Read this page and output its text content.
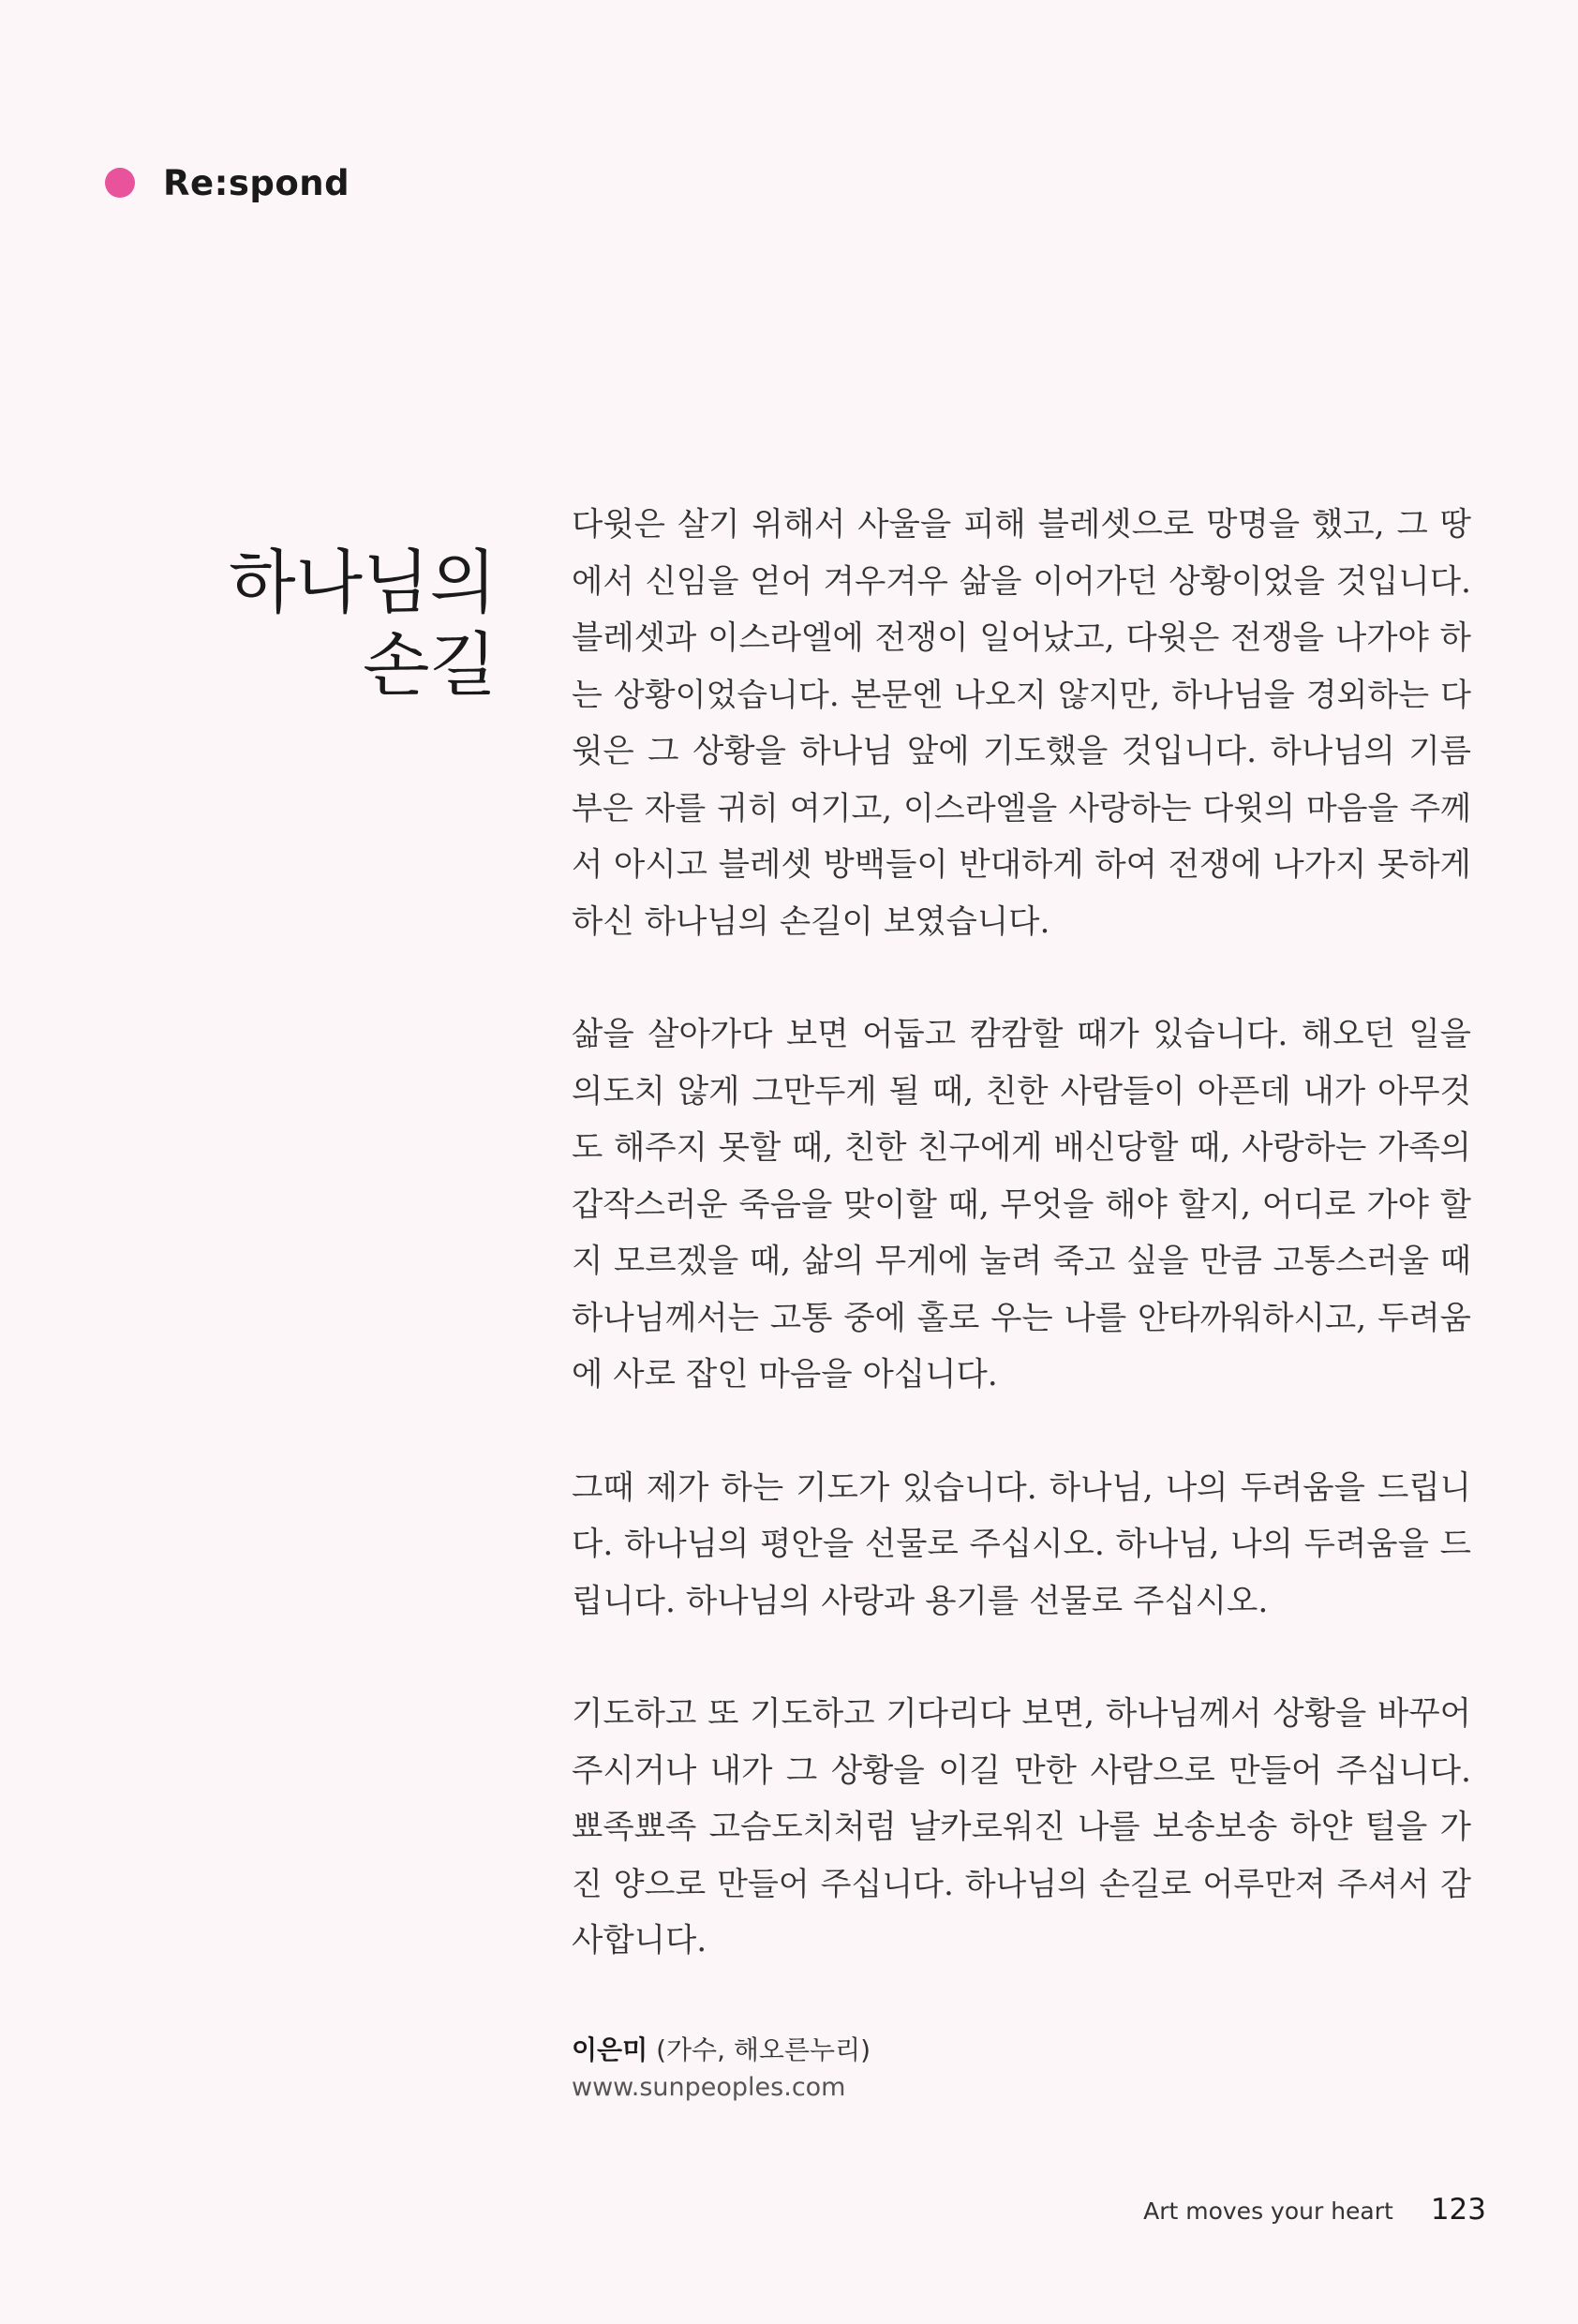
Re:spond
하나님의
손길

다윗은 살기 위해서 사울을 피해 블레셋으로 망명을 했고, 그 땅
에서 신임을 얻어 겨우겨우 삶을 이어가던 상황이었을 것입니다.
블레셋과 이스라엘에 전쟁이 일어났고, 다윗은 전쟁을 나가야 하
는 상황이었습니다. 본문엔 나오지 않지만, 하나님을 경외하는 다
윗은 그 상황을 하나님 앞에 기도했을 것입니다. 하나님의 기름
부은 자를 귀히 여기고, 이스라엘을 사랑하는 다윗의 마음을 주께
서 아시고 블레셋 방백들이 반대하게 하여 전쟁에 나가지 못하게
하신 하나님의 손길이 보였습니다.

삶을 살아가다 보면 어둡고 캄캄할 때가 있습니다. 해오던 일을
의도치 않게 그만두게 될 때, 친한 사람들이 아픈데 내가 아무것
도 해주지 못할 때, 친한 친구에게 배신당할 때, 사랑하는 가족의
갑작스러운 죽음을 맞이할 때, 무엇을 해야 할지, 어디로 가야 할
지 모르겠을 때, 삶의 무게에 눌려 죽고 싶을 만큼 고통스러울 때
하나님께서는 고통 중에 홀로 우는 나를 안타까워하시고, 두려움
에 사로 잡인 마음을 아십니다.

그때 제가 하는 기도가 있습니다. 하나님, 나의 두려움을 드립니
다. 하나님의 평안을 선물로 주십시오. 하나님, 나의 두려움을 드
립니다. 하나님의 사랑과 용기를 선물로 주십시오.

기도하고 또 기도하고 기다리다 보면, 하나님께서 상황을 바꾸어
주시거나 내가 그 상황을 이길 만한 사람으로 만들어 주십니다.
뾰족뾰족 고슴도치처럼 날카로워진 나를 보송보송 하얀 털을 가
진 양으로 만들어 주십니다. 하나님의 손길로 어루만져 주셔서 감
사합니다.

이은미 (가수, 해오른누리)
www.sunpeoples.com
Art moves your heart 123
